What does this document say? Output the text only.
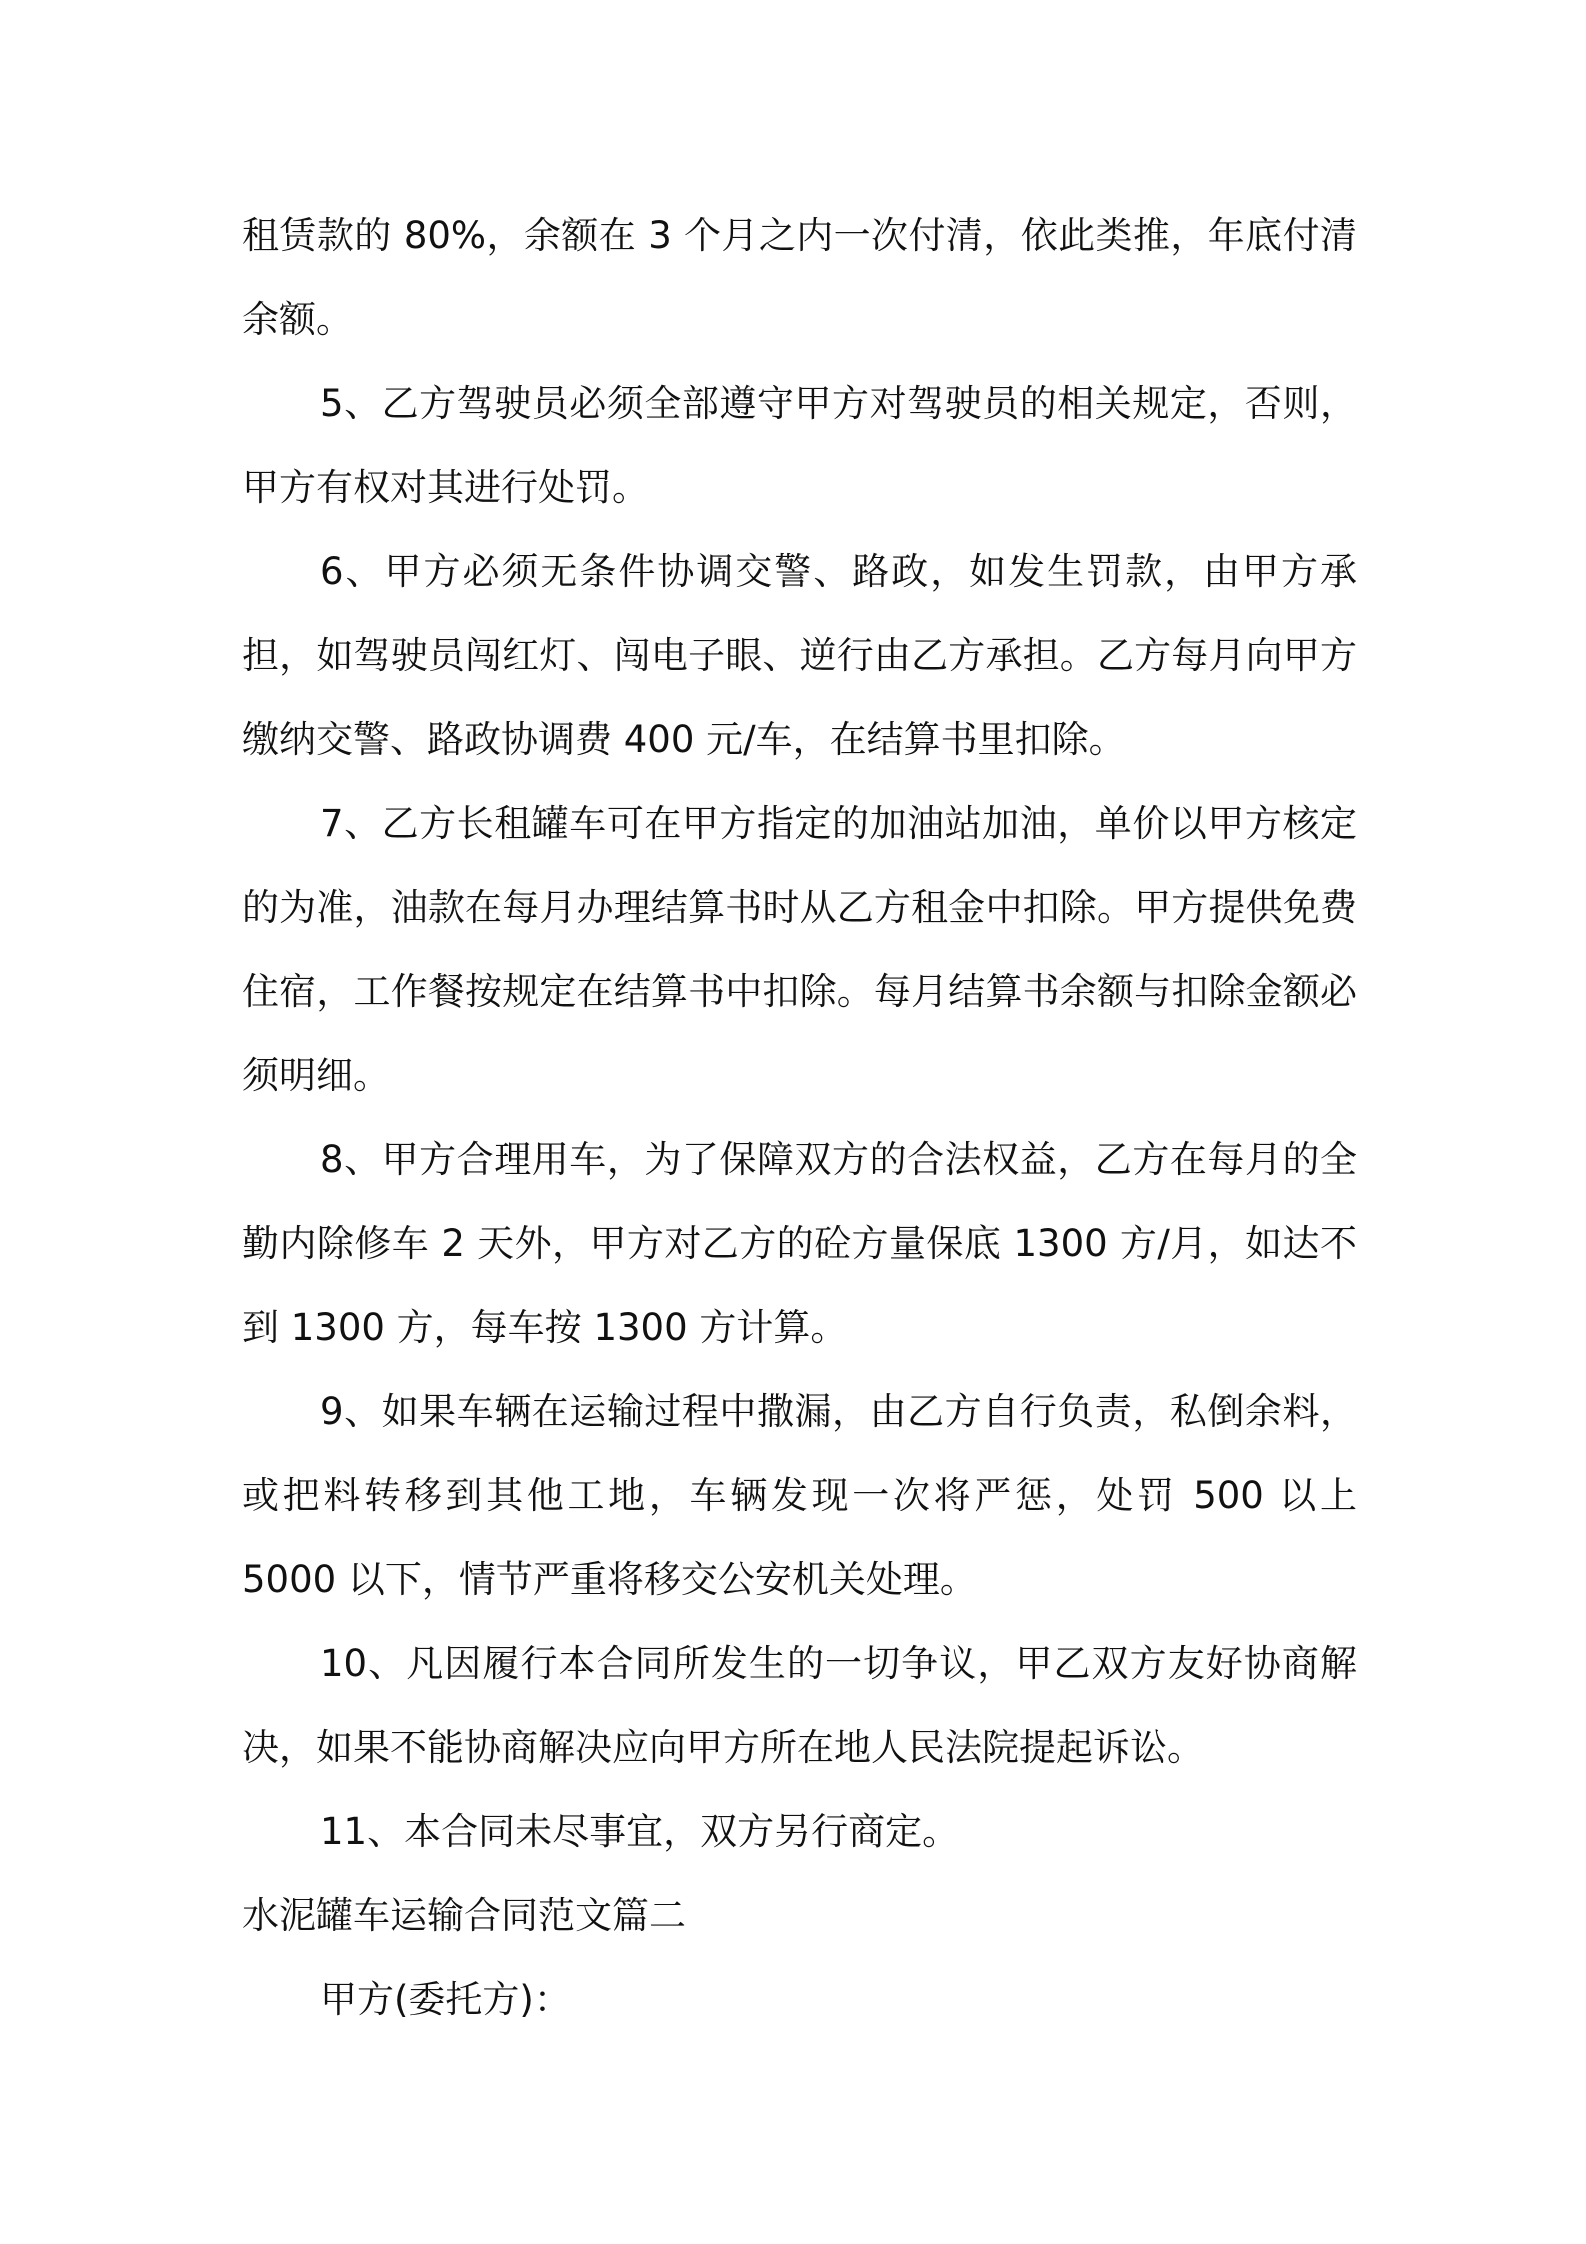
租赁款的 80%，余额在 3 个月之内一次付清，依此类推，年底付清余额。

5、乙方驾驶员必须全部遵守甲方对驾驶员的相关规定，否则，甲方有权对其进行处罚。

6、甲方必须无条件协调交警、路政，如发生罚款，由甲方承担，如驾驶员闯红灯、闯电子眼、逆行由乙方承担。乙方每月向甲方缴纳交警、路政协调费 400 元/车，在结算书里扣除。

7、乙方长租罐车可在甲方指定的加油站加油，单价以甲方核定的为准，油款在每月办理结算书时从乙方租金中扣除。甲方提供免费住宿，工作餐按规定在结算书中扣除。每月结算书余额与扣除金额必须明细。

8、甲方合理用车，为了保障双方的合法权益，乙方在每月的全勤内除修车 2 天外，甲方对乙方的砼方量保底 1300 方/月，如达不到 1300 方，每车按 1300 方计算。

9、如果车辆在运输过程中撒漏，由乙方自行负责，私倒余料，或把料转移到其他工地，车辆发现一次将严惩，处罚 500 以上 5000 以下，情节严重将移交公安机关处理。

10、凡因履行本合同所发生的一切争议，甲乙双方友好协商解决，如果不能协商解决应向甲方所在地人民法院提起诉讼。

11、本合同未尽事宜，双方另行商定。

水泥罐车运输合同范文篇二

甲方(委托方)：
